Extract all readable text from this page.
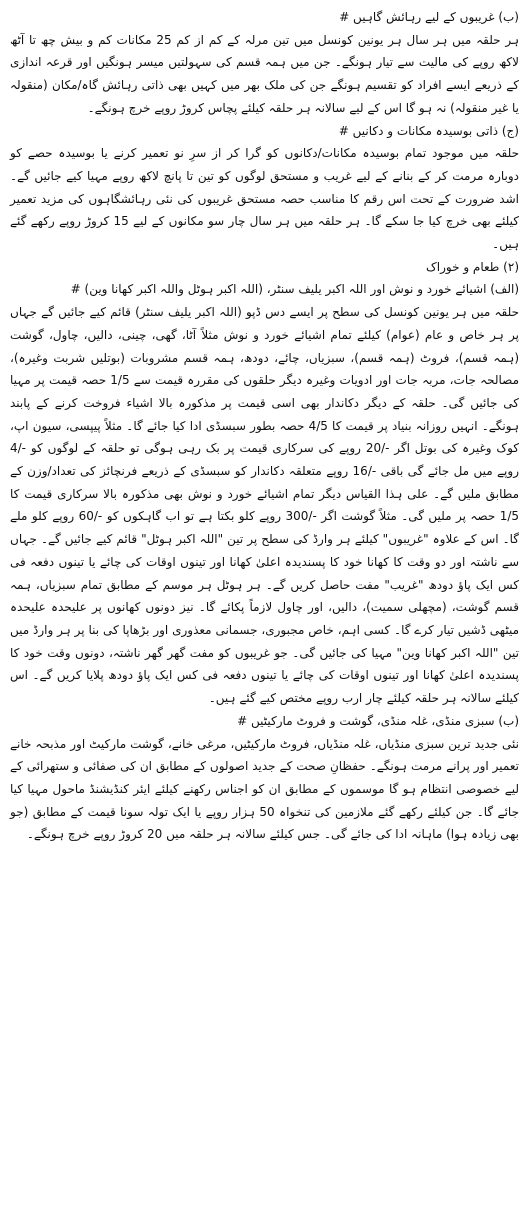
(ب) غریبوں کے لیے رہائش گاہیں #

ہر حلقہ میں ہر سال ہر یونین کونسل میں تین مرلہ کے کم از کم 25 مکانات کم و بیش چھ تا آٹھ لاکھ روپے کی مالیت سے تیار ہونگے۔ جن میں ہمہ قسم کی سہولتیں میسر ہونگیں اور قرعہ اندازی کے ذریعے ایسے افراد کو تقسیم ہونگے جن کی ملک بھر میں کہیں بھی ذاتی رہائش گاہ/مکان (منقولہ یا غیر منقولہ) نہ ہو گا اس کے لیے سالانہ ہر حلقہ کیلئے پچاس کروڑ روپے خرچ ہونگے۔

(ج) ذاتی بوسیدہ مکانات و دکانیں #

حلقہ میں موجود تمام بوسیدہ مکانات/دکانوں کو گرا کر از سرِ نو تعمیر کرنے یا بوسیدہ حصے کو دوبارہ مرمت کر کے بنانے کے لیے غریب و مستحق لوگوں کو تین تا پانچ لاکھ روپے مہیا کیے جائیں گے۔ اشد ضرورت کے تحت اس رقم کا مناسب حصہ مستحق غریبوں کی نئی رہائشگاہوں کی مزید تعمیر کیلئے بھی خرچ کیا جا سکے گا۔ ہر حلقہ میں ہر سال چار سو مکانوں کے لیے 15 کروڑ روپے رکھے گئے ہیں۔

(۲) طعام و خوراک

(الف) اشیائے خورد و نوش اور اللہ اکبر یلیف سنٹر، (اللہ اکبر ہوٹل واللہ اکبر کھانا وین) #

حلقہ میں ہر یونین کونسل کی سطح پر ایسے دس ڈپو (اللہ اکبر یلیف سنٹر) قائم کیے جائیں گے جہاں پر ہر خاص و عام (عوام) کیلئے تمام اشیائے خورد و نوش مثلاً آٹا، گھی، چینی، دالیں، چاول، گوشت (ہمہ قسم)، فروٹ (ہمہ قسم)، سبزیاں، چائے، دودھ، ہمہ قسم مشروبات (بوتلیں شربت وغیرہ)، مصالحہ جات، مربہ جات اور ادویات وغیرہ دیگر حلقوں کی مقررہ قیمت سے 1/5 حصہ قیمت پر مہیا کی جائیں گی۔ حلقہ کے دیگر دکاندار بھی اسی قیمت پر مذکورہ بالا اشیاء فروخت کرنے کے پابند ہونگے۔ انہیں روزانہ بنیاد پر قیمت کا 4/5 حصہ بطور سبسڈی ادا کیا جائے گا۔ مثلاً پیپسی، سیون اپ، کوک وغیرہ کی بوتل اگر -/20 روپے کی سرکاری قیمت پر بک رہی ہوگی تو حلقہ کے لوگوں کو -/4 روپے میں مل جائے گی باقی -/16 روپے متعلقہ دکاندار کو سبسڈی کے ذریعے فرنچائز کی تعداد/وزن کے مطابق ملیں گے۔ علی ہذا القیاس دیگر تمام اشیائے خورد و نوش بھی مذکورہ بالا سرکاری قیمت کا 1/5 حصہ پر ملیں گی۔ مثلاً گوشت اگر -/300 روپے کلو بکتا ہے تو اب گاہکوں کو -/60 روپے کلو ملے گا۔ اس کے علاوہ "غریبوں" کیلئے ہر وارڈ کی سطح پر تین "اللہ اکبر ہوٹل" قائم کیے جائیں گے۔ جہاں سے ناشتہ اور دو وقت کا کھانا خود کا پسندیدہ اعلیٰ کھانا اور تینوں اوقات کی چائے یا تینوں دفعہ فی کس ایک پاؤ دودھ "غریب" مفت حاصل کریں گے۔ ہر ہوٹل ہر موسم کے مطابق تمام سبزیاں، ہمہ قسم گوشت، (مچھلی سمیت)، دالیں، اور چاول لازماً پکائے گا۔ نیز دونوں کھانوں پر علیحدہ علیحدہ میٹھی ڈشیں تیار کرے گا۔ کسی اہم، خاص مجبوری، جسمانی معذوری اور بڑھاپا کی بنا پر ہر وارڈ میں تین "اللہ اکبر کھانا وین" مہیا کی جائیں گی۔ جو غریبوں کو مفت گھر گھر ناشتہ، دونوں وقت خود کا پسندیدہ اعلیٰ کھانا اور تینوں اوقات کی چائے یا تینوں دفعہ فی کس ایک پاؤ دودھ پلایا کریں گے۔ اس کیلئے سالانہ ہر حلقہ کیلئے چار ارب روپے مختص کیے گئے ہیں۔

(ب) سبزی منڈی، غلہ منڈی، گوشت و فروٹ مارکیٹیں #

نئی جدید ترین سبزی منڈیاں، غلہ منڈیاں، فروٹ مارکیٹیں، مرغی خانے، گوشت مارکیٹ اور مذبحہ خانے تعمیر اور پرانے مرمت ہونگے۔ حفظانِ صحت کے جدید اصولوں کے مطابق ان کی صفائی و ستھرائی کے لیے خصوصی انتظام ہو گا موسموں کے مطابق ان کو اجناس رکھنے کیلئے ایئر کنڈیشنڈ ماحول مہیا کیا جائے گا۔ جن کیلئے رکھے گئے ملازمین کی تنخواہ 50 ہزار روپے یا ایک تولہ سونا قیمت کے مطابق (جو بھی زیادہ ہوا) ماہانہ ادا کی جائے گی۔ جس کیلئے سالانہ ہر حلقہ میں 20 کروڑ روپے خرچ ہونگے۔
